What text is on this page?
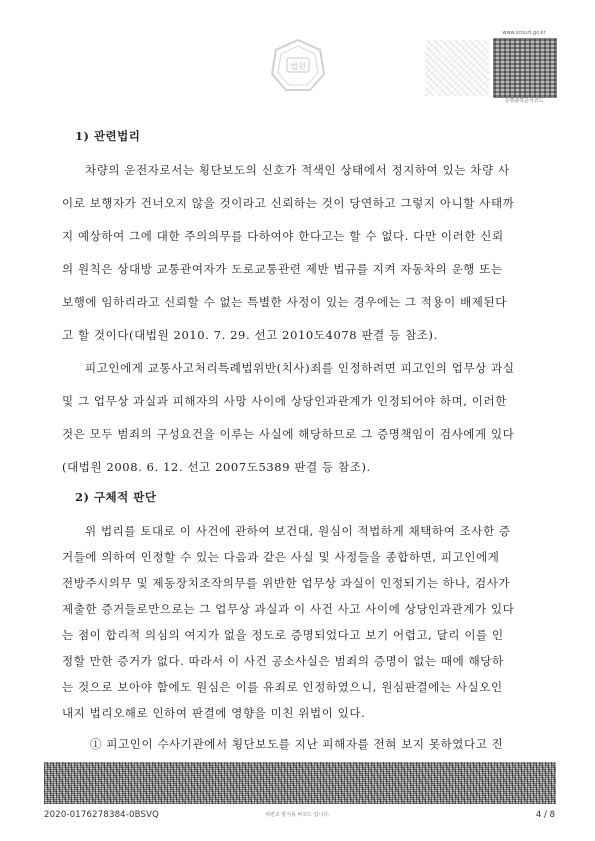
법원
www.scourt.go.kr
증명출력문서코드
1) 관련법리
차량의 운전자로서는 횡단보도의 신호가 적색인 상태에서 정지하여 있는 차량 사
이로 보행자가 건너오지 않을 것이라고 신뢰하는 것이 당연하고 그렇지 아니할 사태까
지 예상하여 그에 대한 주의의무를 다하여야 한다고는 할 수 없다. 다만 이러한 신뢰
의 원칙은 상대방 교통관여자가 도로교통관련 제반 법규를 지켜 자동차의 운행 또는
보행에 임하리라고 신뢰할 수 없는 특별한 사정이 있는 경우에는 그 적용이 배제된다
고 할 것이다(대법원 2010. 7. 29. 선고 2010도4078 판결 등 참조).
피고인에게 교통사고처리특례법위반(치사)죄를 인정하려면 피고인의 업무상 과실
및 그 업무상 과실과 피해자의 사망 사이에 상당인과관계가 인정되어야 하며, 이러한
것은 모두 범죄의 구성요건을 이루는 사실에 해당하므로 그 증명책임이 검사에게 있다
(대법원 2008. 6. 12. 선고 2007도5389 판결 등 참조).
2) 구체적 판단
위 법리를 토대로 이 사건에 관하여 보건대, 원심이 적법하게 채택하여 조사한 증
거들에 의하여 인정할 수 있는 다음과 같은 사실 및 사정들을 종합하면, 피고인에게
전방주시의무 및 제동장치조작의무를 위반한 업무상 과실이 인정되기는 하나, 검사가
제출한 증거들로만으로는 그 업무상 과실과 이 사건 사고 사이에 상당인과관계가 있다
는 점이 합리적 의심의 여지가 없을 정도로 증명되었다고 보기 어렵고, 달리 이를 인
정할 만한 증거가 없다. 따라서 이 사건 공소사실은 범죄의 증명이 없는 때에 해당하
는 것으로 보아야 함에도 원심은 이를 유죄로 인정하였으니, 원심판결에는 사실오인
내지 법리오해로 인하여 판결에 영향을 미친 위법이 있다.
2020-0176278384-0BSVQ	위변조 방지용 바코드 입니다.	4 / 8
① 피고인이 수사기관에서 횡단보도를 지난 피해자를 전혀 보지 못하였다고 진
